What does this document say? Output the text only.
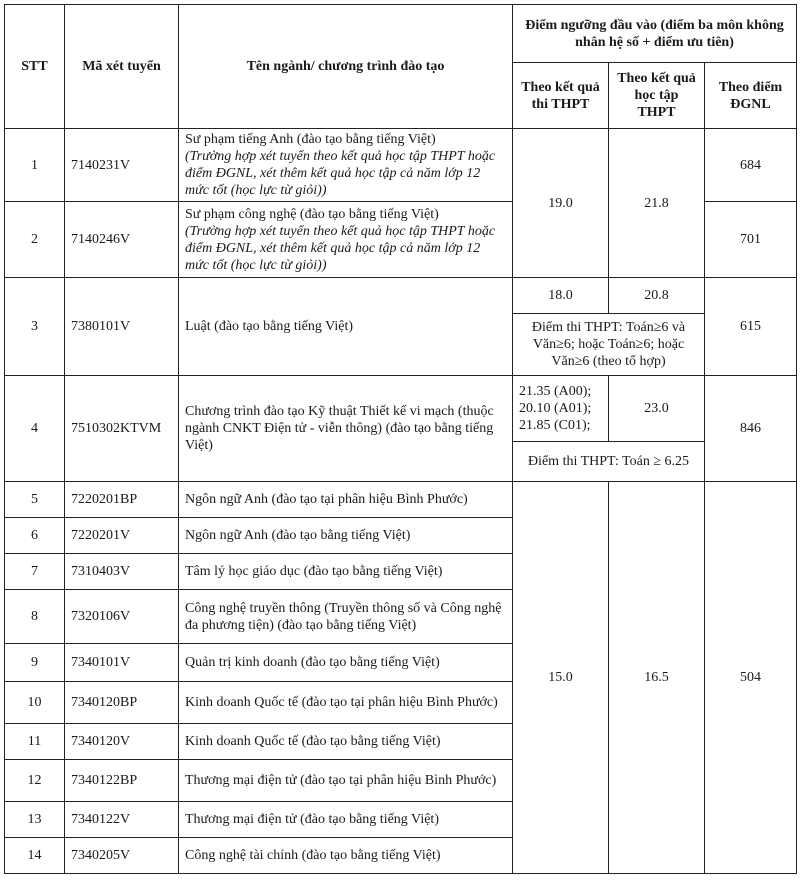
STT	Mã xét tuyển	Tên ngành/ chương trình đào tạo	Điểm ngưỡng đầu vào (điểm ba môn không nhân hệ số + điểm ưu tiên)		
			Theo kết quả thi THPT	Theo kết quả học tập THPT	Theo điểm ĐGNL
1	7140231V	Sư phạm tiếng Anh (đào tạo bằng tiếng Việt)
(Trường hợp xét tuyển theo kết quả học tập THPT hoặc điểm ĐGNL, xét thêm kết quả học tập cả năm lớp 12 mức tốt (học lực từ giỏi))	19.0	21.8	684
2	7140246V	Sư phạm công nghệ (đào tạo bằng tiếng Việt)
(Trường hợp xét tuyển theo kết quả học tập THPT hoặc điểm ĐGNL, xét thêm kết quả học tập cả năm lớp 12 mức tốt (học lực từ giỏi))			701
3	7380101V	Luật (đào tạo bằng tiếng Việt)	18.0	20.8	615
			Điểm thi THPT: Toán≥6 và Văn≥6; hoặc Toán≥6; hoặc Văn≥6 (theo tổ hợp)		
4	7510302KTVM	Chương trình đào tạo Kỹ thuật Thiết kế vi mạch (thuộc ngành CNKT Điện tử - viễn thông) (đào tạo bằng tiếng Việt)	21.35 (A00);
20.10 (A01);
21.85 (C01);	23.0	846
			Điểm thi THPT: Toán ≥ 6.25		
5	7220201BP	Ngôn ngữ Anh (đào tạo tại phân hiệu Bình Phước)	15.0	16.5	504
6	7220201V	Ngôn ngữ Anh (đào tạo bằng tiếng Việt)			
7	7310403V	Tâm lý học giáo dục (đào tạo bằng tiếng Việt)			
8	7320106V	Công nghệ truyền thông (Truyền thông số và Công nghệ đa phương tiện) (đào tạo bằng tiếng Việt)			
9	7340101V	Quản trị kinh doanh (đào tạo bằng tiếng Việt)			
10	7340120BP	Kinh doanh Quốc tế (đào tạo tại phân hiệu Bình Phước)			
11	7340120V	Kinh doanh Quốc tế (đào tạo bằng tiếng Việt)			
12	7340122BP	Thương mại điện tử (đào tạo tại phân hiệu Bình Phước)			
13	7340122V	Thương mại điện tử (đào tạo bằng tiếng Việt)			
14	7340205V	Công nghệ tài chính (đào tạo bằng tiếng Việt)			
